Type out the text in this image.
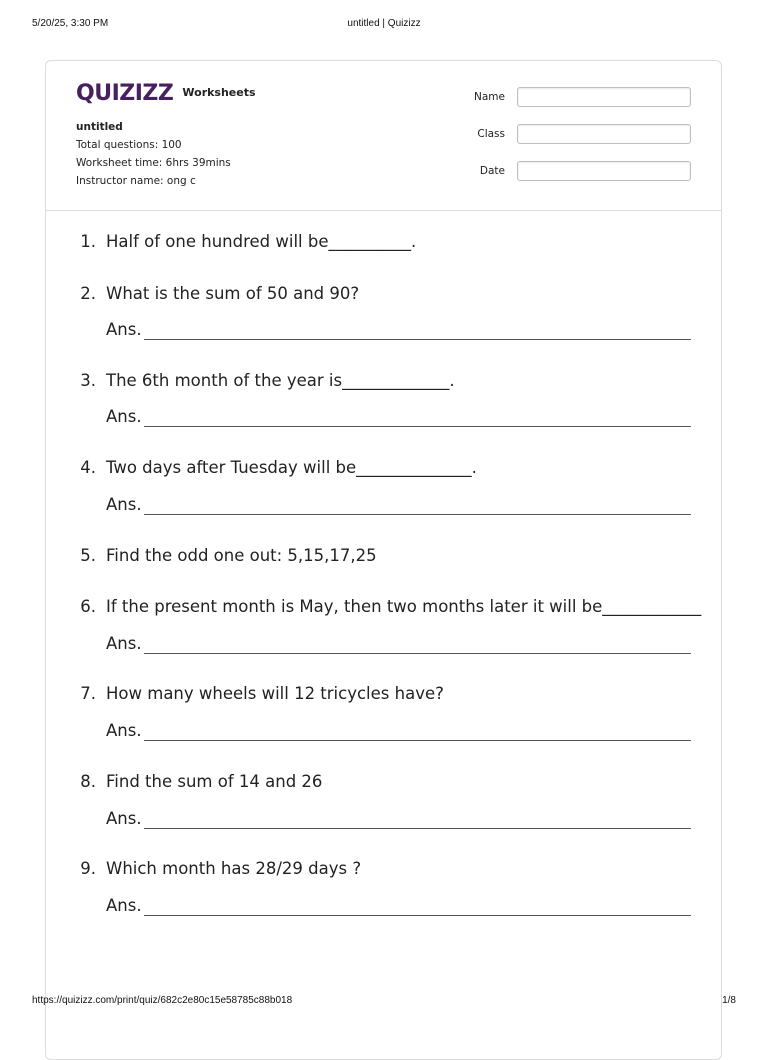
5/20/25, 3:30 PM	untitled | Quizizz
QUIZIZZ Worksheets
untitled
Total questions: 100
Worksheet time: 6hrs 39mins
Instructor name: ong c
Name
Class
Date
1. Half of one hundred will be__________.
2. What is the sum of 50 and 90?
Ans.
3. The 6th month of the year is_____________.
Ans.
4. Two days after Tuesday will be______________.
Ans.
5. Find the odd one out: 5,15,17,25
6. If the present month is May, then two months later it will be____________
Ans.
7. How many wheels will 12 tricycles have?
Ans.
8. Find the sum of 14 and 26
Ans.
9. Which month has 28/29 days ?
Ans.
https://quizizz.com/print/quiz/682c2e80c15e58785c88b018	1/8
